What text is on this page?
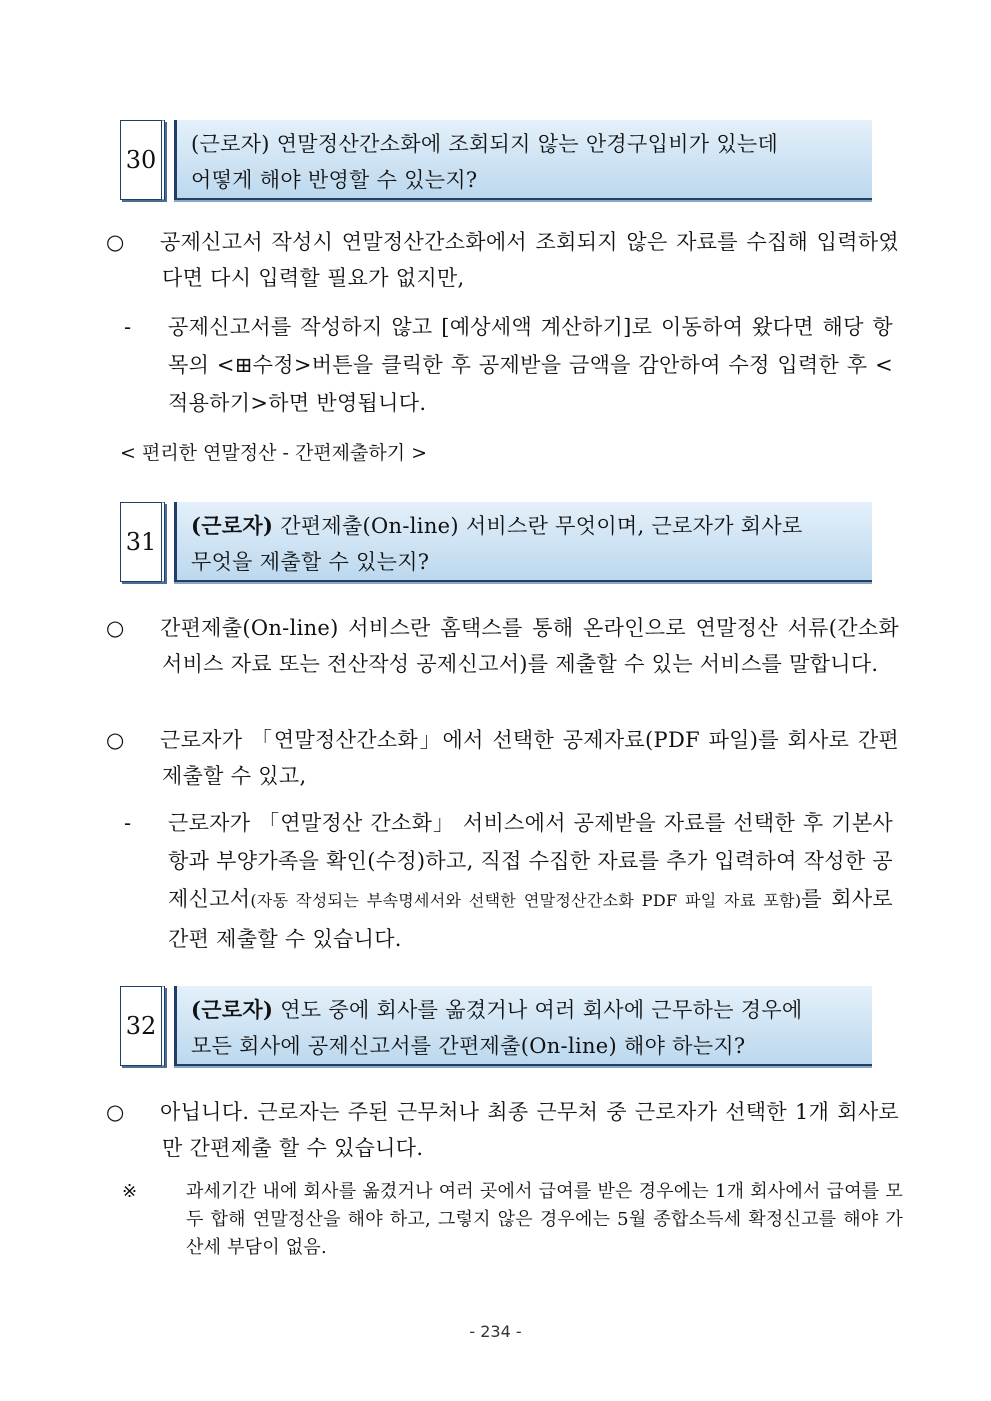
30
(근로자) 연말정산간소화에 조회되지 않는 안경구입비가 있는데
어떻게 해야 반영할 수 있는지?
○ 공제신고서 작성시 연말정산간소화에서 조회되지 않은 자료를 수집해 입력하였다면 다시 입력할 필요가 없지만,
- 공제신고서를 작성하지 않고 [예상세액 계산하기]로 이동하여 왔다면 해당 항목의 <⊞수정>버튼을 클릭한 후 공제받을 금액을 감안하여 수정 입력한 후 <적용하기>하면 반영됩니다.
< 편리한 연말정산 - 간편제출하기 >
31
(근로자) 간편제출(On-line) 서비스란 무엇이며, 근로자가 회사로
무엇을 제출할 수 있는지?
○ 간편제출(On-line) 서비스란 홈택스를 통해 온라인으로 연말정산 서류(간소화 서비스 자료 또는 전산작성 공제신고서)를 제출할 수 있는 서비스를 말합니다.
○ 근로자가 「연말정산간소화」에서 선택한 공제자료(PDF 파일)를 회사로 간편제출할 수 있고,
- 근로자가 「연말정산 간소화」 서비스에서 공제받을 자료를 선택한 후 기본사항과 부양가족을 확인(수정)하고, 직접 수집한 자료를 추가 입력하여 작성한 공제신고서(자동 작성되는 부속명세서와 선택한 연말정산간소화 PDF 파일 자료 포함)를 회사로 간편 제출할 수 있습니다.
32
(근로자) 연도 중에 회사를 옮겼거나 여러 회사에 근무하는 경우에
모든 회사에 공제신고서를 간편제출(On-line) 해야 하는지?
○ 아닙니다. 근로자는 주된 근무처나 최종 근무처 중 근로자가 선택한 1개 회사로만 간편제출 할 수 있습니다.
※	과세기간 내에 회사를 옮겼거나 여러 곳에서 급여를 받은 경우에는 1개 회사에서 급여를 모두 합해 연말정산을 해야 하고, 그렇지 않은 경우에는 5월 종합소득세 확정신고를 해야 가산세 부담이 없음.
- 234 -
